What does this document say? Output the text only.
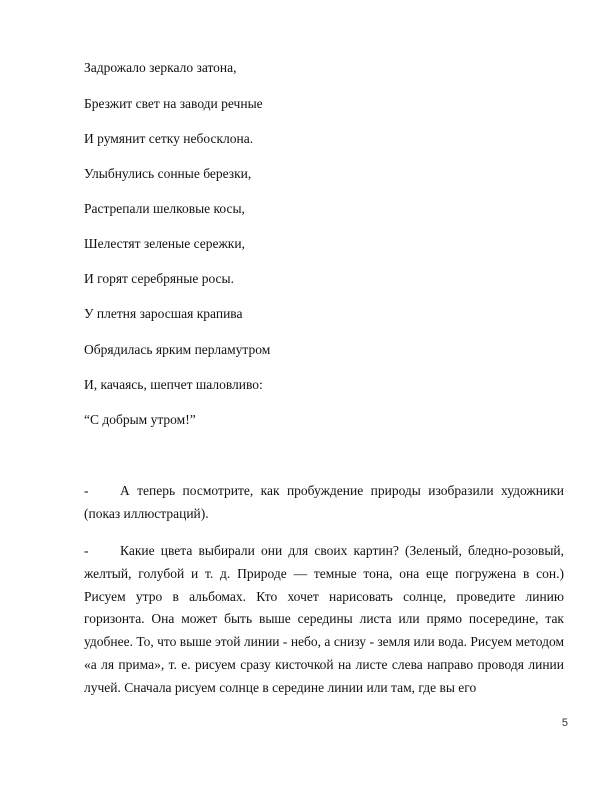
Задрожало зеркало затона,
Брезжит свет на заводи речные
И румянит сетку небосклона.
Улыбнулись сонные березки,
Растрепали шелковые косы,
Шелестят зеленые сережки,
И горят серебряные росы.
У плетня заросшая крапива
Обрядилась ярким перламутром
И, качаясь, шепчет шаловливо:
“С добрым утром!”

- А теперь посмотрите, как пробуждение природы изобразили художники (показ иллюстраций).

- Какие цвета выбирали они для своих картин? (Зеленый, бледно-розовый, желтый, голубой и т. д. Природе — темные тона, она еще погружена в сон.) Рисуем утро в альбомах. Кто хочет нарисовать солнце, проведите линию горизонта. Она может быть выше середины листа или прямо посередине, так удобнее. То, что выше этой линии - небо, а снизу - земля или вода. Рисуем методом «а ля прима», т. е. рисуем сразу кисточкой на листе слева направо проводя линии лучей. Сначала рисуем солнце в середине линии или там, где вы его

5
